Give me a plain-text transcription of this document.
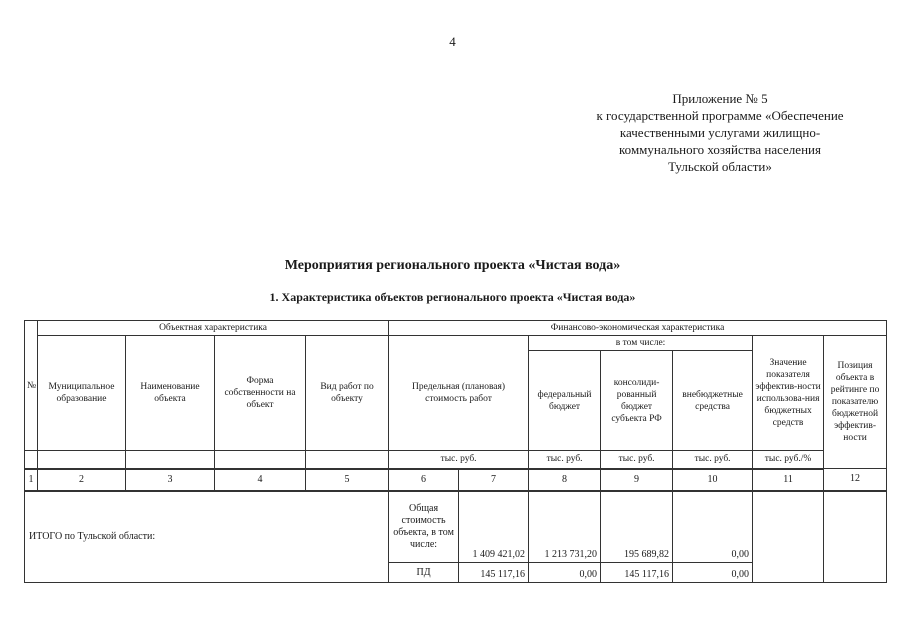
4
Приложение № 5
к государственной программе «Обеспечение
качественными услугами жилищно-
коммунального хозяйства населения
Тульской области»
Мероприятия регионального проекта «Чистая вода»
1. Характеристика объектов регионального проекта «Чистая вода»
№	Объектная характеристика				Финансово-экономическая характеристика							
	Муниципальное образование	Наименование объекта	Форма собственности на объект	Вид работ по объекту	Предельная (плановая) стоимость работ		в том числе:			Значение показателя эффектив-ности использова-ния бюджетных средств	Позиция объекта в рейтинге по показателю бюджетной эффектив-ности	
							федеральный бюджет	консолиди-рованный бюджет субъекта РФ	внебюджетные средства			
					тыс. руб.		тыс. руб.	тыс. руб.	тыс. руб.	тыс. руб./%		
1	2	3	4	5	6	7	8	9	10	11	12	
ИТОГО по Тульской области:					Общая стоимость объекта, в том числе:	1 409 421,02	1 213 731,20	195 689,82	0,00			
					ПД	145 117,16	0,00	145 117,16	0,00			
